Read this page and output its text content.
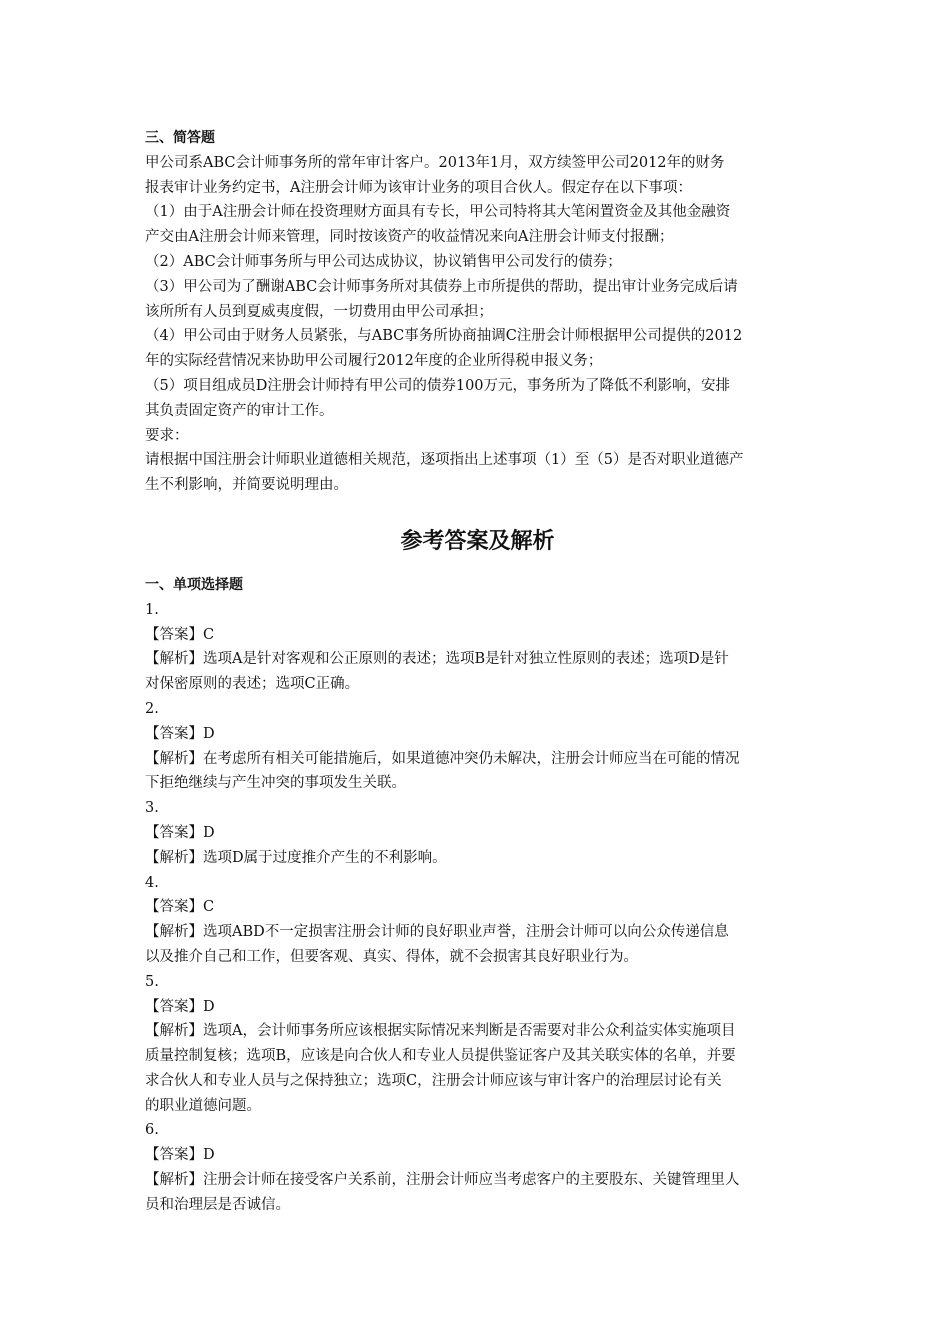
三、简答题
甲公司系ABC会计师事务所的常年审计客户。2013年1月，双方续签甲公司2012年的财务
报表审计业务约定书，A注册会计师为该审计业务的项目合伙人。假定存在以下事项：
（1）由于A注册会计师在投资理财方面具有专长，甲公司特将其大笔闲置资金及其他金融资
产交由A注册会计师来管理，同时按该资产的收益情况来向A注册会计师支付报酬；
（2）ABC会计师事务所与甲公司达成协议，协议销售甲公司发行的债券；
（3）甲公司为了酬谢ABC会计师事务所对其债券上市所提供的帮助，提出审计业务完成后请
该所所有人员到夏威夷度假，一切费用由甲公司承担；
（4）甲公司由于财务人员紧张，与ABC事务所协商抽调C注册会计师根据甲公司提供的2012
年的实际经营情况来协助甲公司履行2012年度的企业所得税申报义务；
（5）项目组成员D注册会计师持有甲公司的债券100万元，事务所为了降低不利影响，安排
其负责固定资产的审计工作。
要求：
请根据中国注册会计师职业道德相关规范，逐项指出上述事项（1）至（5）是否对职业道德产
生不利影响，并简要说明理由。
参考答案及解析
一、单项选择题
1.
【答案】C
【解析】选项A是针对客观和公正原则的表述；选项B是针对独立性原则的表述；选项D是针
对保密原则的表述；选项C正确。
2.
【答案】D
【解析】在考虑所有相关可能措施后，如果道德冲突仍未解决，注册会计师应当在可能的情况
下拒绝继续与产生冲突的事项发生关联。
3.
【答案】D
【解析】选项D属于过度推介产生的不利影响。
4.
【答案】C
【解析】选项ABD不一定损害注册会计师的良好职业声誉，注册会计师可以向公众传递信息
以及推介自己和工作，但要客观、真实、得体，就不会损害其良好职业行为。
5.
【答案】D
【解析】选项A，会计师事务所应该根据实际情况来判断是否需要对非公众利益实体实施项目
质量控制复核；选项B，应该是向合伙人和专业人员提供鉴证客户及其关联实体的名单，并要
求合伙人和专业人员与之保持独立；选项C，注册会计师应该与审计客户的治理层讨论有关
的职业道德问题。
6.
【答案】D
【解析】注册会计师在接受客户关系前，注册会计师应当考虑客户的主要股东、关键管理里人
员和治理层是否诚信。
